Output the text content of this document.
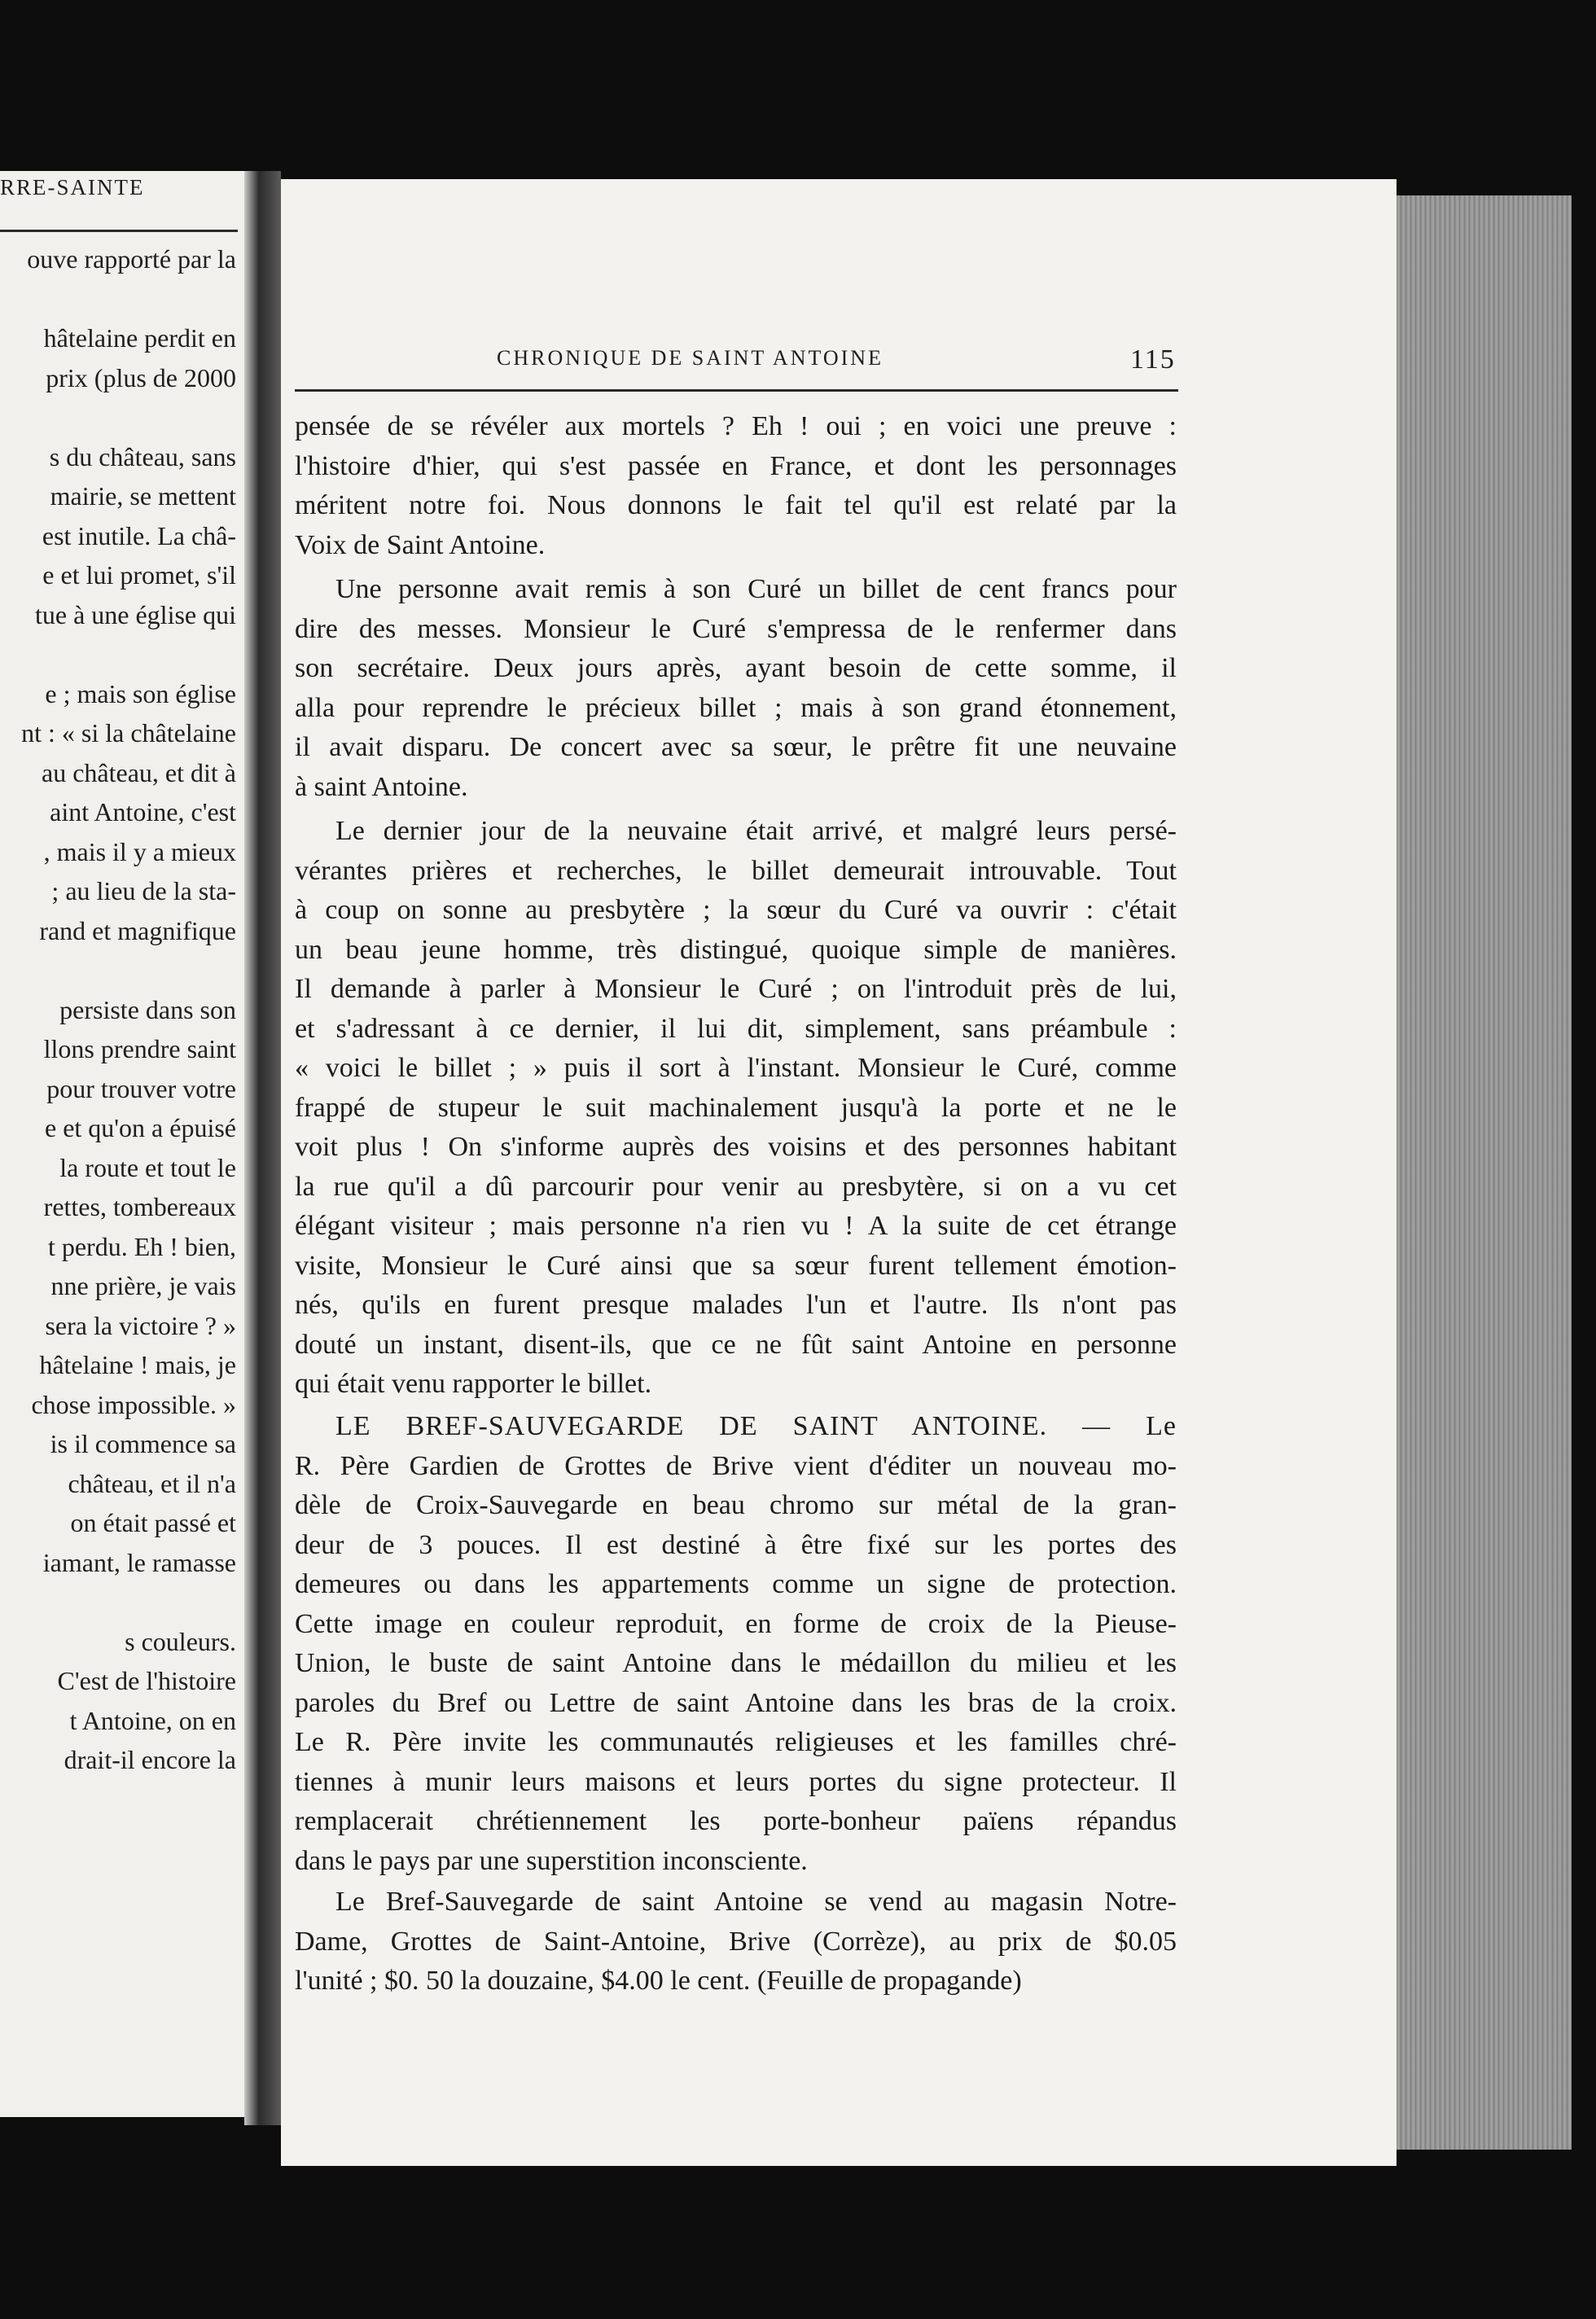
RRE-SAINTE
ouve rapporté par la
hâtelaine perdit en
prix (plus de 2000
s du château, sans
mairie, se mettent
est inutile. La châ-
e et lui promet, s'il
tue à une église qui
e ; mais son église
nt : « si la châtelaine
au château, et dit à
aint Antoine, c'est
, mais il y a mieux
; au lieu de la sta-
rand et magnifique
persiste dans son
llons prendre saint
pour trouver votre
e et qu'on a épuisé
la route et tout le
rettes, tombereaux
t perdu. Eh ! bien,
nne prière, je vais
sera la victoire ? »
hâtelaine ! mais, je
chose impossible. »
is il commence sa
château, et il n'a
on était passé et
iamant, le ramasse
s couleurs.
C'est de l'histoire
t Antoine, on en
drait-il encore la
CHRONIQUE DE SAINT ANTOINE	115
pensée de se révéler aux mortels ? Eh ! oui ; en voici une preuve :
l'histoire d'hier, qui s'est passée en France, et dont les personnages
méritent notre foi. Nous donnons le fait tel qu'il est relaté par la
Voix de Saint Antoine.
Une personne avait remis à son Curé un billet de cent francs pour
dire des messes. Monsieur le Curé s'empressa de le renfermer dans
son secrétaire. Deux jours après, ayant besoin de cette somme, il
alla pour reprendre le précieux billet ; mais à son grand étonnement,
il avait disparu. De concert avec sa sœur, le prêtre fit une neuvaine
à saint Antoine.
Le dernier jour de la neuvaine était arrivé, et malgré leurs persé-
vérantes prières et recherches, le billet demeurait introuvable. Tout
à coup on sonne au presbytère ; la sœur du Curé va ouvrir : c'était
un beau jeune homme, très distingué, quoique simple de manières.
Il demande à parler à Monsieur le Curé ; on l'introduit près de lui,
et s'adressant à ce dernier, il lui dit, simplement, sans préambule :
« voici le billet ; » puis il sort à l'instant. Monsieur le Curé, comme
frappé de stupeur le suit machinalement jusqu'à la porte et ne le
voit plus ! On s'informe auprès des voisins et des personnes habitant
la rue qu'il a dû parcourir pour venir au presbytère, si on a vu cet
élégant visiteur ; mais personne n'a rien vu ! A la suite de cet étrange
visite, Monsieur le Curé ainsi que sa sœur furent tellement émotion-
nés, qu'ils en furent presque malades l'un et l'autre. Ils n'ont pas
douté un instant, disent-ils, que ce ne fût saint Antoine en personne
qui était venu rapporter le billet.
LE BREF-SAUVEGARDE DE SAINT ANTOINE. — Le
R. Père Gardien de Grottes de Brive vient d'éditer un nouveau mo-
dèle de Croix-Sauvegarde en beau chromo sur métal de la gran-
deur de 3 pouces. Il est destiné à être fixé sur les portes des
demeures ou dans les appartements comme un signe de protection.
Cette image en couleur reproduit, en forme de croix de la Pieuse-
Union, le buste de saint Antoine dans le médaillon du milieu et les
paroles du Bref ou Lettre de saint Antoine dans les bras de la croix.
Le R. Père invite les communautés religieuses et les familles chré-
tiennes à munir leurs maisons et leurs portes du signe protecteur. Il
remplacerait chrétiennement les porte-bonheur païens répandus
dans le pays par une superstition inconsciente.
Le Bref-Sauvegarde de saint Antoine se vend au magasin Notre-
Dame, Grottes de Saint-Antoine, Brive (Corrèze), au prix de $0.05
l'unité ; $0. 50 la douzaine, $4.00 le cent. (Feuille de propagande)
